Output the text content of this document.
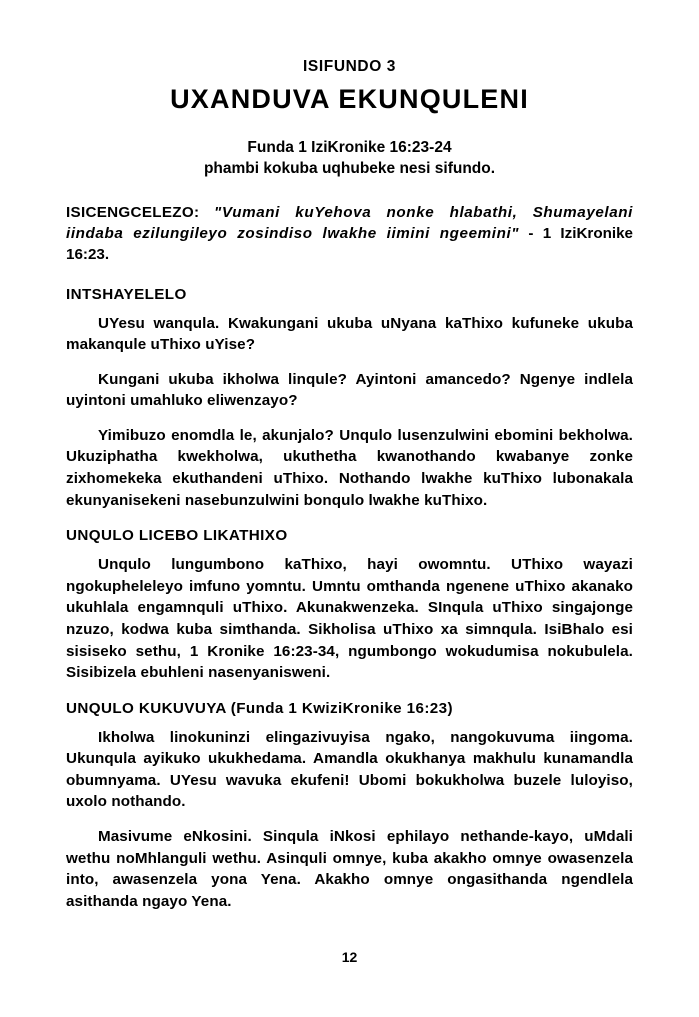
ISIFUNDO 3
UXANDUVA EKUNQULENI
Funda 1 IziKronike 16:23-24
phambi kokuba uqhubeke nesi sifundo.
ISICENGCELEZO: "Vumani kuYehova nonke hlabathi, Shumayelani iindaba ezilungileyo zosindiso lwakhe iimini ngeemini" - 1 IziKronike 16:23.
INTSHAYELELO

UYesu wanqula. Kwakungani ukuba uNyana kaThixo kufuneke ukuba makanqule uThixo uYise?

Kungani ukuba ikholwa linqule? Ayintoni amancedo? Ngenye indlela uyintoni umahluko eliwenzayo?

Yimibuzo enomdla le, akunjalo? Unqulo lusenzulwini ebomini bekholwa. Ukuziphatha kwekholwa, ukuthetha kwanothando kwabanye zonke zixhomekeka ekuthandeni uThixo. Nothando lwakhe kuThixo lubonakala ekunyanisekeni nasebunzulwini bonqulo lwakhe kuThixo.

UNQULO LICEBO LIKATHIXO

Unqulo lungumbono kaThixo, hayi owomntu. UThixo wayazi ngokupheleleyo imfuno yomntu. Umntu omthanda ngenene uThixo akanako ukuhlala engamnquli uThixo. Akunakwenzeka. SInqula uThixo singajonge nzuzo, kodwa kuba simthanda. Sikholisa uThixo xa simnqula. IsiBhalo esi sisiseko sethu, 1 Kronike 16:23-34, ngumbongo wokudumisa nokubulela. Sisibizela ebuhleni nasenyanisweni.

UNQULO KUKUVUYA (Funda 1 KwiziKronike 16:23)

Ikholwa linokuninzi elingazivuyisa ngako, nangokuvuma iingoma. Ukunqula ayikuko ukukhedama. Amandla okukhanya makhulu kunamandla obumnyama. UYesu wavuka ekufeni! Ubomi bokukholwa buzele luloyiso, uxolo nothando.

Masivume eNkosini. Sinqula iNkosi ephilayo nethande-kayo, uMdali wethu noMhlanguli wethu. Asinquli omnye, kuba akakho omnye owasenzela into, awasenzela yona Yena. Akakho omnye ongasithanda ngendlela asithanda ngayo Yena.

12
